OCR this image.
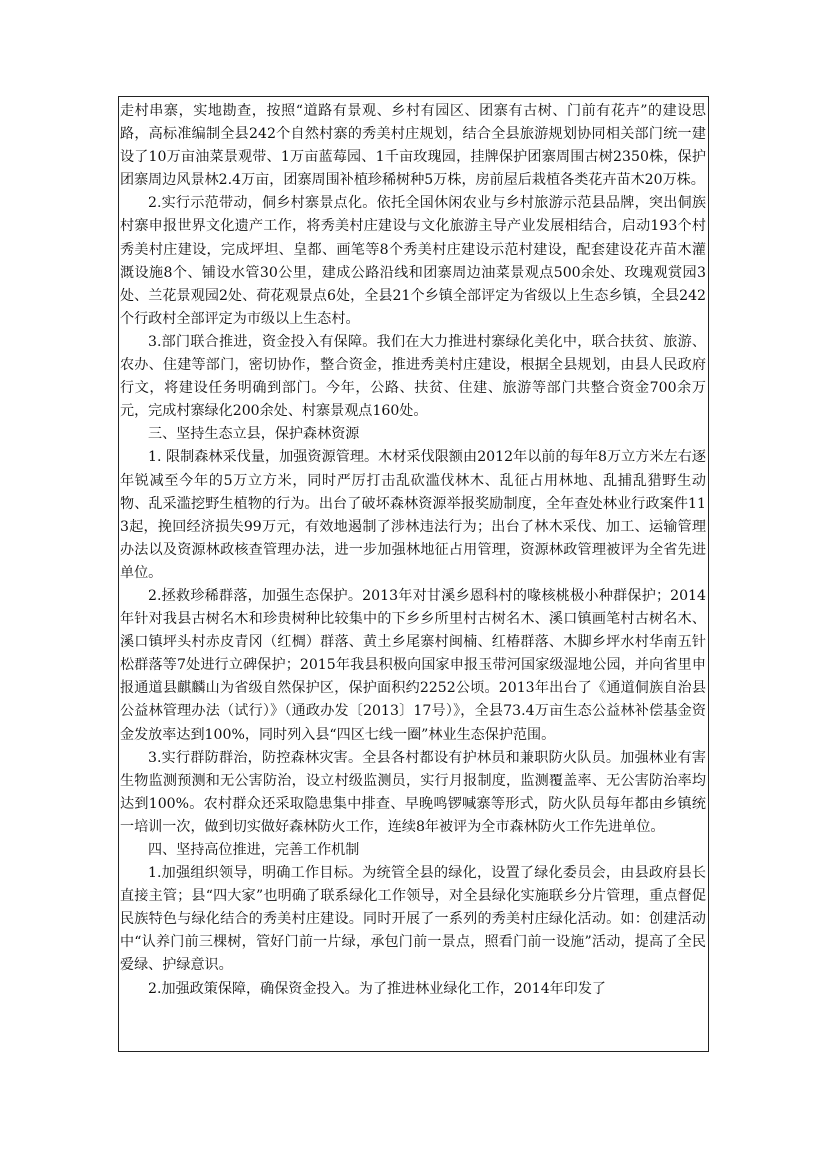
走村串寨，实地勘查，按照“道路有景观、乡村有园区、团寨有古树、门前有花卉”的建设思路，高标准编制全县242个自然村寨的秀美村庄规划，结合全县旅游规划协同相关部门统一建设了10万亩油菜景观带、1万亩蓝莓园、1千亩玫瑰园，挂牌保护团寨周围古树2350株，保护团寨周边风景林2.4万亩，团寨周围补植珍稀树种5万株，房前屋后栽植各类花卉苗木20万株。

2.实行示范带动，侗乡村寨景点化。依托全国休闲农业与乡村旅游示范县品牌，突出侗族村寨申报世界文化遗产工作，将秀美村庄建设与文化旅游主导产业发展相结合，启动193个村秀美村庄建设，完成坪坦、皇都、画笔等8个秀美村庄建设示范村建设，配套建设花卉苗木灌溉设施8个、铺设水管30公里，建成公路沿线和团寨周边油菜景观点500余处、玫瑰观赏园3处、兰花景观园2处、荷花观景点6处，全县21个乡镇全部评定为省级以上生态乡镇，全县242个行政村全部评定为市级以上生态村。

3.部门联合推进，资金投入有保障。我们在大力推进村寨绿化美化中，联合扶贫、旅游、农办、住建等部门，密切协作，整合资金，推进秀美村庄建设，根据全县规划，由县人民政府行文，将建设任务明确到部门。今年，公路、扶贫、住建、旅游等部门共整合资金700余万元，完成村寨绿化200余处、村寨景观点160处。

三、坚持生态立县，保护森林资源

1. 限制森林采伐量，加强资源管理。木材采伐限额由2012年以前的每年8万立方米左右逐年锐减至今年的5万立方米，同时严厉打击乱砍滥伐林木、乱征占用林地、乱捕乱猎野生动物、乱采滥挖野生植物的行为。出台了破坏森林资源举报奖励制度，全年查处林业行政案件113起，挽回经济损失99万元，有效地遏制了涉林违法行为；出台了林木采伐、加工、运输管理办法以及资源林政核查管理办法，进一步加强林地征占用管理，资源林政管理被评为全省先进单位。

2.拯救珍稀群落，加强生态保护。2013年对甘溪乡恩科村的喙核桃极小种群保护；2014年针对我县古树名木和珍贵树种比较集中的下乡乡所里村古树名木、溪口镇画笔村古树名木、溪口镇坪头村赤皮青冈（红椆）群落、黄土乡尾寨村闽楠、红椿群落、木脚乡坪水村华南五针松群落等7处进行立碑保护；2015年我县积极向国家申报玉带河国家级湿地公园，并向省里申报通道县麒麟山为省级自然保护区，保护面积约2252公顷。2013年出台了《通道侗族自治县公益林管理办法（试行）》（通政办发〔2013〕17号）》，全县73.4万亩生态公益林补偿基金资金发放率达到100%，同时列入县“四区七线一圈”林业生态保护范围。

3.实行群防群治，防控森林灾害。全县各村都设有护林员和兼职防火队员。加强林业有害生物监测预测和无公害防治，设立村级监测员，实行月报制度，监测覆盖率、无公害防治率均达到100%。农村群众还采取隐患集中排查、早晚鸣锣喊寨等形式，防火队员每年都由乡镇统一培训一次，做到切实做好森林防火工作，连续8年被评为全市森林防火工作先进单位。

四、坚持高位推进，完善工作机制

1.加强组织领导，明确工作目标。为统管全县的绿化，设置了绿化委员会，由县政府县长直接主管；县“四大家”也明确了联系绿化工作领导，对全县绿化实施联乡分片管理，重点督促民族特色与绿化结合的秀美村庄建设。同时开展了一系列的秀美村庄绿化活动。如：创建活动中“认养门前三棵树，管好门前一片绿，承包门前一景点，照看门前一设施”活动，提高了全民爱绿、护绿意识。

2.加强政策保障，确保资金投入。为了推进林业绿化工作，2014年印发了
